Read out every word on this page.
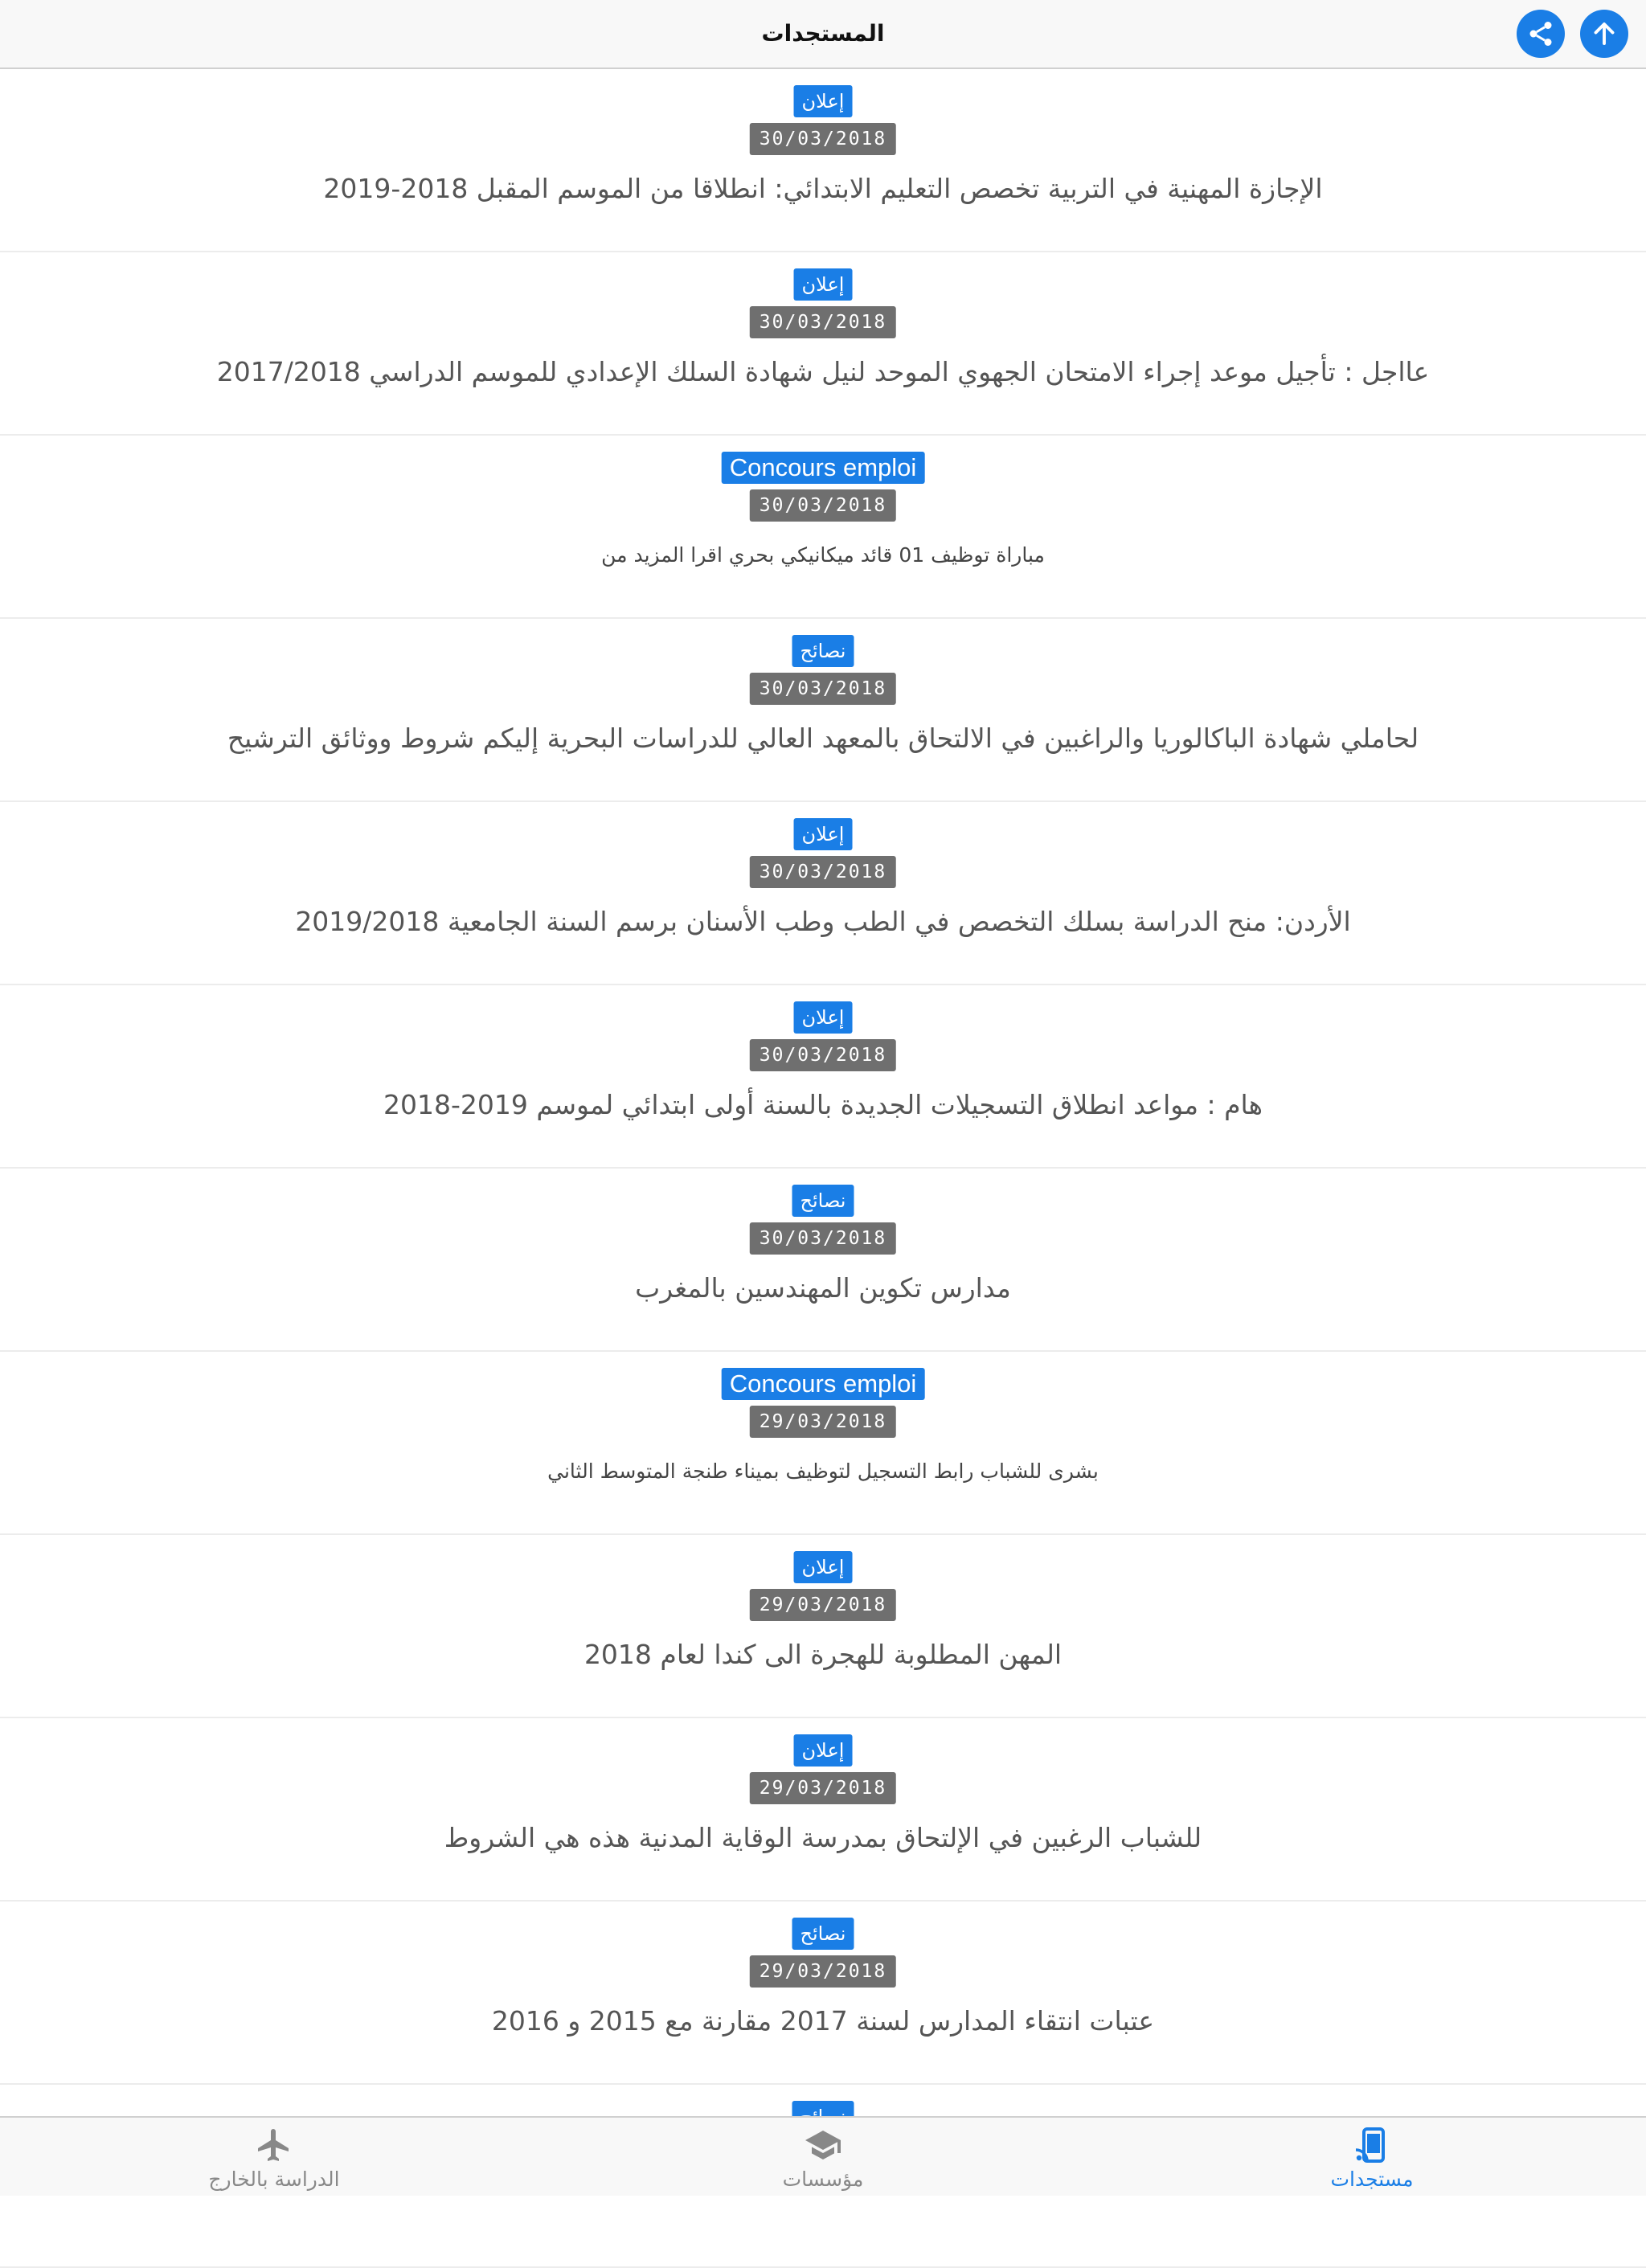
المستجدات
إعلان
30/03/2018
الإجازة المهنية في التربية تخصص التعليم الابتدائي: انطلاقا من الموسم المقبل 2018-2019
إعلان
30/03/2018
عااجل : تأجيل موعد إجراء الامتحان الجهوي الموحد لنيل شهادة السلك الإعدادي للموسم الدراسي 2017/2018
Concours emploi
30/03/2018
مباراة توظيف 01 قائد ميكانيكي بحري اقرا المزيد من
نصائح
30/03/2018
لحاملي شهادة الباكالوريا والراغبين في الالتحاق بالمعهد العالي للدراسات البحرية إليكم شروط ووثائق الترشيح
إعلان
30/03/2018
الأردن: منح الدراسة بسلك التخصص في الطب وطب الأسنان برسم السنة الجامعية 2019/2018
إعلان
30/03/2018
هام : مواعد انطلاق التسجيلات الجديدة بالسنة أولى ابتدائي لموسم 2019-2018
نصائح
30/03/2018
مدارس تكوين المهندسين بالمغرب
Concours emploi
29/03/2018
بشرى للشباب رابط التسجيل لتوظيف بميناء طنجة المتوسط الثاني
إعلان
29/03/2018
المهن المطلوبة للهجرة الى كندا لعام 2018
إعلان
29/03/2018
للشباب الرغبين في الإلتحاق بمدرسة الوقاية المدنية هذه هي الشروط
نصائح
29/03/2018
عتبات انتقاء المدارس لسنة 2017 مقارنة مع 2015 و 2016
الدراسة بالخارج	مؤسسات	مستجدات
